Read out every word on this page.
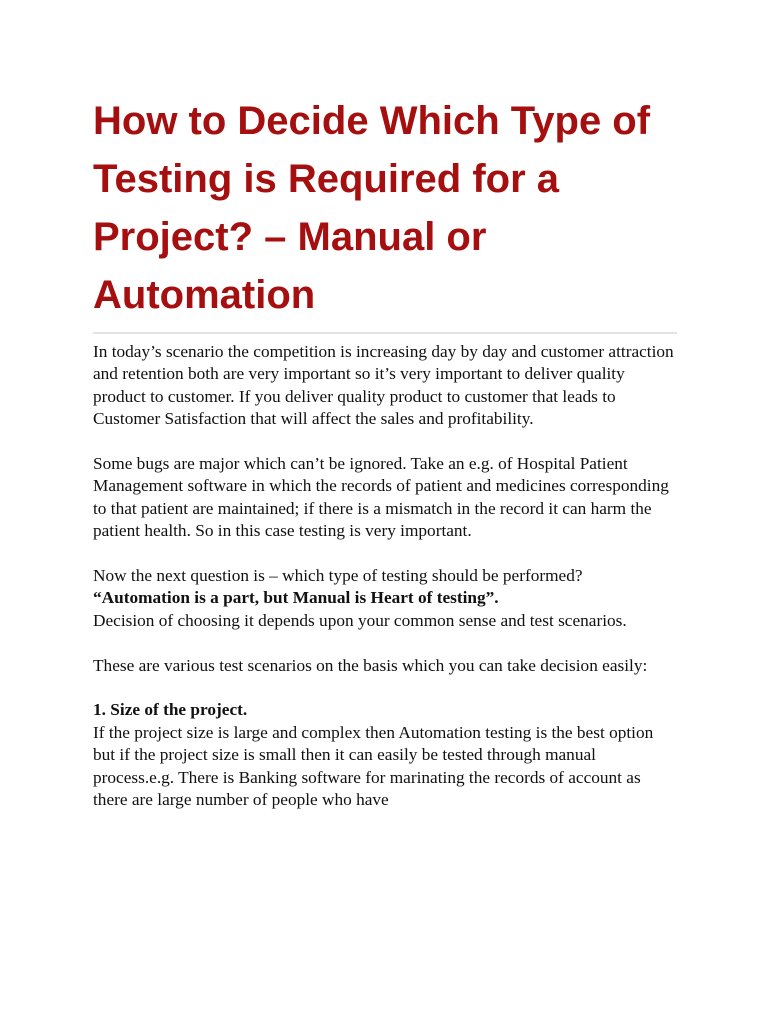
How to Decide Which Type of
Testing is Required for a
Project? – Manual or
Automation

In today’s scenario the competition is increasing day by day and customer attraction and retention both are very important so it’s very important to deliver quality product to customer. If you deliver quality product to customer that leads to Customer Satisfaction that will affect the sales and profitability.

Some bugs are major which can’t be ignored. Take an e.g. of Hospital Patient Management software in which the records of patient and medicines corresponding to that patient are maintained; if there is a mismatch in the record it can harm the patient health. So in this case testing is very important.

Now the next question is – which type of testing should be performed?

“Automation is a part, but Manual is Heart of testing”.

Decision of choosing it depends upon your common sense and test scenarios.

These are various test scenarios on the basis which you can take decision easily:

1. Size of the project.

If the project size is large and complex then Automation testing is the best option but if the project size is small then it can easily be tested through manual process.e.g. There is Banking software for marinating the records of account as there are large number of people who have
